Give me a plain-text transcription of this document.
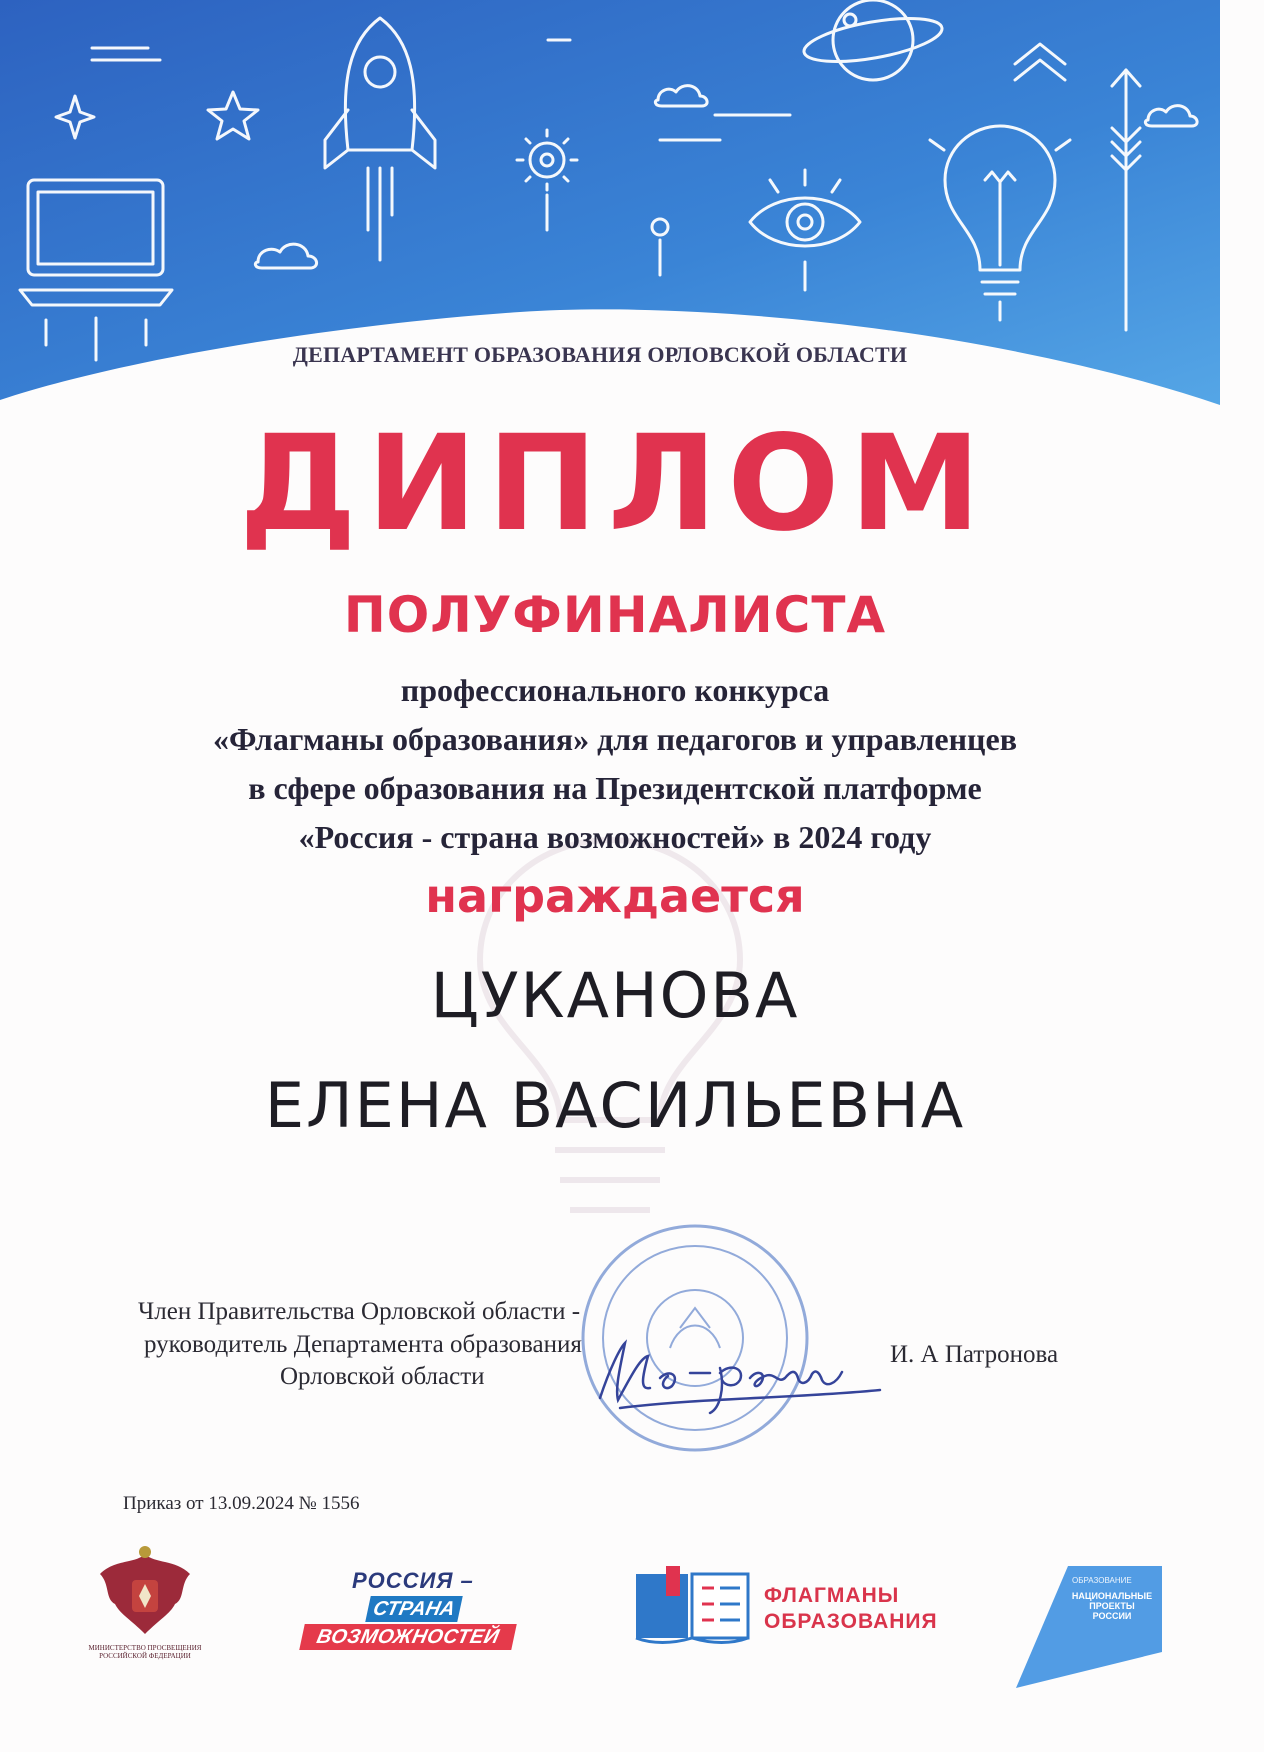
ДЕПАРТАМЕНТ ОБРАЗОВАНИЯ ОРЛОВСКОЙ ОБЛАСТИ
ДИПЛОМ
ПОЛУФИНАЛИСТА
профессионального конкурса
«Флагманы образования» для педагогов и управленцев
в сфере образования на Президентской платформе
«Россия - страна возможностей» в 2024 году
награждается
ЦУКАНОВА
ЕЛЕНА ВАСИЛЬЕВНА
Член Правительства Орловской области -
руководитель Департамента образования
Орловской области
И. А Патронова
Приказ от 13.09.2024 № 1556
МИНИСТЕРСТВО ПРОСВЕЩЕНИЯ
РОССИЙСКОЙ ФЕДЕРАЦИИ
РОССИЯ –
СТРАНА
ВОЗМОЖНОСТЕЙ
ФЛАГМАНЫ
ОБРАЗОВАНИЯ
ОБРАЗОВАНИЕ
НАЦИОНАЛЬНЫЕ
ПРОЕКТЫ
РОССИИ
